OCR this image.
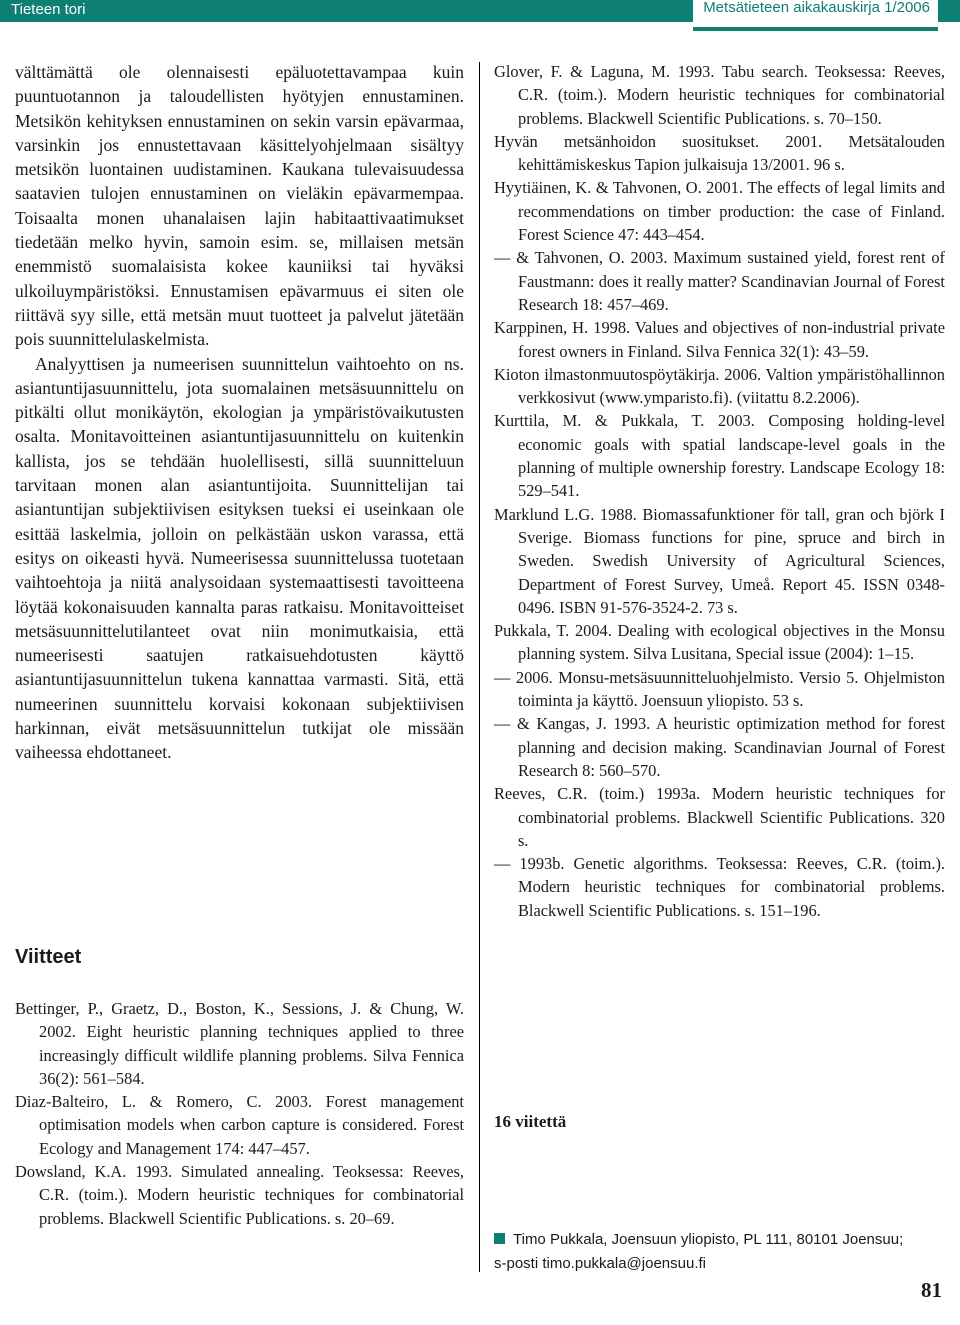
Tieteen tori	Metsätieteen aikakauskirja 1/2006

välttämättä ole olennaisesti epäluotettavampaa kuin puuntuotannon ja taloudellisten hyötyjen ennustaminen. Metsikön kehityksen ennustaminen on sekin varsin epävarmaa, varsinkin jos ennustettavaan käsittelyohjelmaan sisältyy metsikön luontainen uudistaminen. Kaukana tulevaisuudessa saatavien tulojen ennustaminen on vieläkin epävarmempaa. Toisaalta monen uhanalaisen lajin habitaattivaatimukset tiedetään melko hyvin, samoin esim. se, millaisen metsän enemmistö suomalaisista kokee kauniiksi tai hyväksi ulkoiluympäristöksi. Ennustamisen epävarmuus ei siten ole riittävä syy sille, että metsän muut tuotteet ja palvelut jätetään pois suunnittelulaskelmista.

Analyyttisen ja numeerisen suunnittelun vaihtoehto on ns. asiantuntijasuunnittelu, jota suomalainen metsäsuunnittelu on pitkälti ollut monikäytön, ekologian ja ympäristövaikutusten osalta. Monitavoitteinen asiantuntijasuunnittelu on kuitenkin kallista, jos se tehdään huolellisesti, sillä suunnitteluun tarvitaan monen alan asiantuntijoita. Suunnittelijan tai asiantuntijan subjektiivisen esityksen tueksi ei useinkaan ole esittää laskelmia, jolloin on pelkästään uskon varassa, että esitys on oikeasti hyvä. Numeerisessa suunnittelussa tuotetaan vaihtoehtoja ja niitä analysoidaan systemaattisesti tavoitteena löytää kokonaisuuden kannalta paras ratkaisu. Monitavoitteiset metsäsuunnittelutilanteet ovat niin monimutkaisia, että numeerisesti saatujen ratkaisuehdotusten käyttö asiantuntijasuunnittelun tukena kannattaa varmasti. Sitä, että numeerinen suunnittelu korvaisi kokonaan subjektiivisen harkinnan, eivät metsäsuunnittelun tutkijat ole missään vaiheessa ehdottaneet.

Viitteet

Bettinger, P., Graetz, D., Boston, K., Sessions, J. & Chung, W. 2002. Eight heuristic planning techniques applied to three increasingly difficult wildlife planning problems. Silva Fennica 36(2): 561–584.

Diaz-Balteiro, L. & Romero, C. 2003. Forest management optimisation models when carbon capture is considered. Forest Ecology and Management 174: 447–457.

Dowsland, K.A. 1993. Simulated annealing. Teoksessa: Reeves, C.R. (toim.). Modern heuristic techniques for combinatorial problems. Blackwell Scientific Publications. s. 20–69.

Glover, F. & Laguna, M. 1993. Tabu search. Teoksessa: Reeves, C.R. (toim.). Modern heuristic techniques for combinatorial problems. Blackwell Scientific Publications. s. 70–150.

Hyvän metsänhoidon suositukset. 2001. Metsätalouden kehittämiskeskus Tapion julkaisuja 13/2001. 96 s.

Hyytiäinen, K. & Tahvonen, O. 2001. The effects of legal limits and recommendations on timber production: the case of Finland. Forest Science 47: 443–454.

— & Tahvonen, O. 2003. Maximum sustained yield, forest rent of Faustmann: does it really matter? Scandinavian Journal of Forest Research 18: 457–469.

Karppinen, H. 1998. Values and objectives of non-industrial private forest owners in Finland. Silva Fennica 32(1): 43–59.

Kioton ilmastonmuutospöytäkirja. 2006. Valtion ympäristöhallinnon verkkosivut (www.ymparisto.fi). (viitattu 8.2.2006).

Kurttila, M. & Pukkala, T. 2003. Composing holding-level economic goals with spatial landscape-level goals in the planning of multiple ownership forestry. Landscape Ecology 18: 529–541.

Marklund L.G. 1988. Biomassafunktioner för tall, gran och björk I Sverige. Biomass functions for pine, spruce and birch in Sweden. Swedish University of Agricultural Sciences, Department of Forest Survey, Umeå. Report 45. ISSN 0348-0496. ISBN 91-576-3524-2. 73 s.

Pukkala, T. 2004. Dealing with ecological objectives in the Monsu planning system. Silva Lusitana, Special issue (2004): 1–15.

— 2006. Monsu-metsäsuunnitteluohjelmisto. Versio 5. Ohjelmiston toiminta ja käyttö. Joensuun yliopisto. 53 s.

— & Kangas, J. 1993. A heuristic optimization method for forest planning and decision making. Scandinavian Journal of Forest Research 8: 560–570.

Reeves, C.R. (toim.) 1993a. Modern heuristic techniques for combinatorial problems. Blackwell Scientific Publications. 320 s.

— 1993b. Genetic algorithms. Teoksessa: Reeves, C.R. (toim.). Modern heuristic techniques for combinatorial problems. Blackwell Scientific Publications. s. 151–196.

16 viitettä

Timo Pukkala, Joensuun yliopisto, PL 111, 80101 Joensuu;
s-posti timo.pukkala@joensuu.fi
81
